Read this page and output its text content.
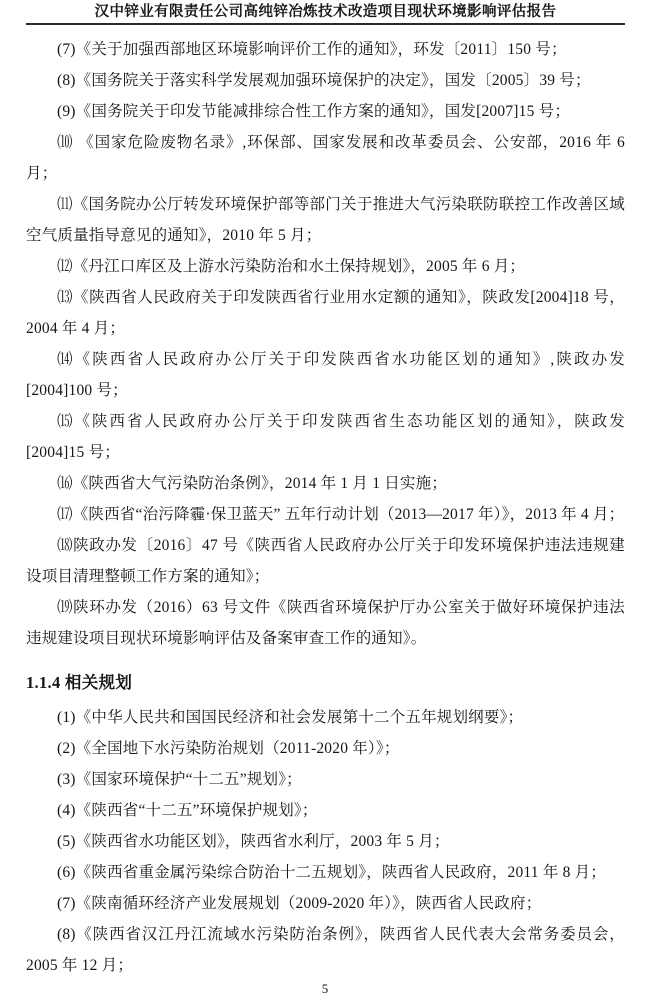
汉中锌业有限责任公司高纯锌冶炼技术改造项目现状环境影响评估报告

(7)《关于加强西部地区环境影响评价工作的通知》，环发〔2011〕150 号；

(8)《国务院关于落实科学发展观加强环境保护的决定》，国发〔2005〕39 号；

(9)《国务院关于印发节能减排综合性工作方案的通知》，国发[2007]15 号；

⑽ 《国家危险废物名录》,环保部、国家发展和改革委员会、公安部，2016 年 6 月；

⑾《国务院办公厅转发环境保护部等部门关于推进大气污染联防联控工作改善区域空气质量指导意见的通知》，2010 年 5 月；

⑿《丹江口库区及上游水污染防治和水土保持规划》，2005 年 6 月；

⒀《陕西省人民政府关于印发陕西省行业用水定额的通知》，陕政发[2004]18 号，2004 年 4 月；

⒁《陕西省人民政府办公厅关于印发陕西省水功能区划的通知》,陕政办发[2004]100 号；

⒂《陕西省人民政府办公厅关于印发陕西省生态功能区划的通知》，陕政发[2004]15 号；

⒃《陕西省大气污染防治条例》，2014 年 1 月 1 日实施；

⒄《陕西省“治污降霾·保卫蓝天” 五年行动计划（2013—2017 年）》，2013 年 4 月；

⒅陕政办发〔2016〕47 号《陕西省人民政府办公厅关于印发环境保护违法违规建设项目清理整顿工作方案的通知》；

⒆陕环办发（2016）63 号文件《陕西省环境保护厅办公室关于做好环境保护违法违规建设项目现状环境影响评估及备案审查工作的通知》。

1.1.4 相关规划

(1)《中华人民共和国国民经济和社会发展第十二个五年规划纲要》；

(2)《全国地下水污染防治规划（2011-2020 年）》；

(3)《国家环境保护“十二五”规划》；

(4)《陕西省“十二五”环境保护规划》；

(5)《陕西省水功能区划》，陕西省水利厅，2003 年 5 月；

(6)《陕西省重金属污染综合防治十二五规划》，陕西省人民政府，2011 年 8 月；

(7)《陕南循环经济产业发展规划（2009-2020 年）》，陕西省人民政府；

(8)《陕西省汉江丹江流域水污染防治条例》，陕西省人民代表大会常务委员会，2005 年 12 月；

5
